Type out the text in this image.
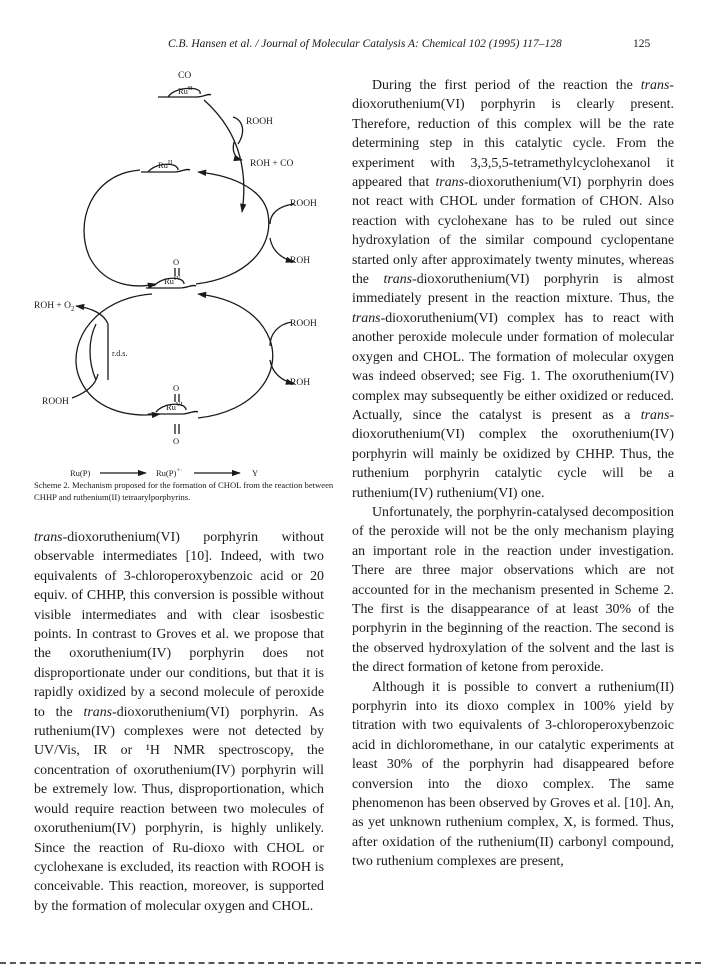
C.B. Hansen et al. / Journal of Molecular Catalysis A: Chemical 102 (1995) 117–128	125
CO
$Ru^{II}$
ROOH
$Ru^{II}$	ROH + CO
ROOH
ROH
O
$Ru^{IV}$
ROH + $O_2$
r.d.s.
ROOH
ROOH
ROH
O
$Ru^{VI}$
O
Ru(P)	Ru(P)+·	Y
Scheme 2. Mechanism proposed for the formation of CHOL from the reaction between CHHP and ruthenium(II) tetraarylporphyrins.

trans-dioxoruthenium(VI) porphyrin without observable intermediates [10]. Indeed, with two equivalents of 3-chloroperoxybenzoic acid or 20 equiv. of CHHP, this conversion is possible without visible intermediates and with clear isosbestic points. In contrast to Groves et al. we propose that the oxoruthenium(IV) porphyrin does not disproportionate under our conditions, but that it is rapidly oxidized by a second molecule of peroxide to the trans-dioxoruthenium(VI) porphyrin. As ruthenium(IV) complexes were not detected by UV/Vis, IR or ¹H NMR spectroscopy, the concentration of oxoruthenium(IV) porphyrin will be extremely low. Thus, disproportionation, which would require reaction between two molecules of oxoruthenium(IV) porphyrin, is highly unlikely. Since the reaction of Ru-dioxo with CHOL or cyclohexane is excluded, its reaction with ROOH is conceivable. This reaction, moreover, is supported by the formation of molecular oxygen and CHOL.

During the first period of the reaction the trans-dioxoruthenium(VI) porphyrin is clearly present. Therefore, reduction of this complex will be the rate determining step in this catalytic cycle. From the experiment with 3,3,5,5-tetramethylcyclohexanol it appeared that trans-dioxoruthenium(VI) porphyrin does not react with CHOL under formation of CHON. Also reaction with cyclohexane has to be ruled out since hydroxylation of the similar compound cyclopentane started only after approximately twenty minutes, whereas the trans-dioxoruthenium(VI) porphyrin is almost immediately present in the reaction mixture. Thus, the trans-dioxoruthenium(VI) complex has to react with another peroxide molecule under formation of molecular oxygen and CHOL. The formation of molecular oxygen was indeed observed; see Fig. 1. The oxoruthenium(IV) complex may subsequently be either oxidized or reduced. Actually, since the catalyst is present as a trans-dioxoruthenium(VI) complex the oxoruthenium(IV) porphyrin will mainly be oxidized by CHHP. Thus, the ruthenium porphyrin catalytic cycle will be a ruthenium(IV) ruthenium(VI) one.

Unfortunately, the porphyrin-catalysed decomposition of the peroxide will not be the only mechanism playing an important role in the reaction under investigation. There are three major observations which are not accounted for in the mechanism presented in Scheme 2. The first is the disappearance of at least 30% of the porphyrin in the beginning of the reaction. The second is the observed hydroxylation of the solvent and the last is the direct formation of ketone from peroxide.

Although it is possible to convert a ruthenium(II) porphyrin into its dioxo complex in 100% yield by titration with two equivalents of 3-chloroperoxybenzoic acid in dichloromethane, in our catalytic experiments at least 30% of the porphyrin had disappeared before conversion into the dioxo complex. The same phenomenon has been observed by Groves et al. [10]. An, as yet unknown ruthenium complex, X, is formed. Thus, after oxidation of the ruthenium(II) carbonyl compound, two ruthenium complexes are present,
